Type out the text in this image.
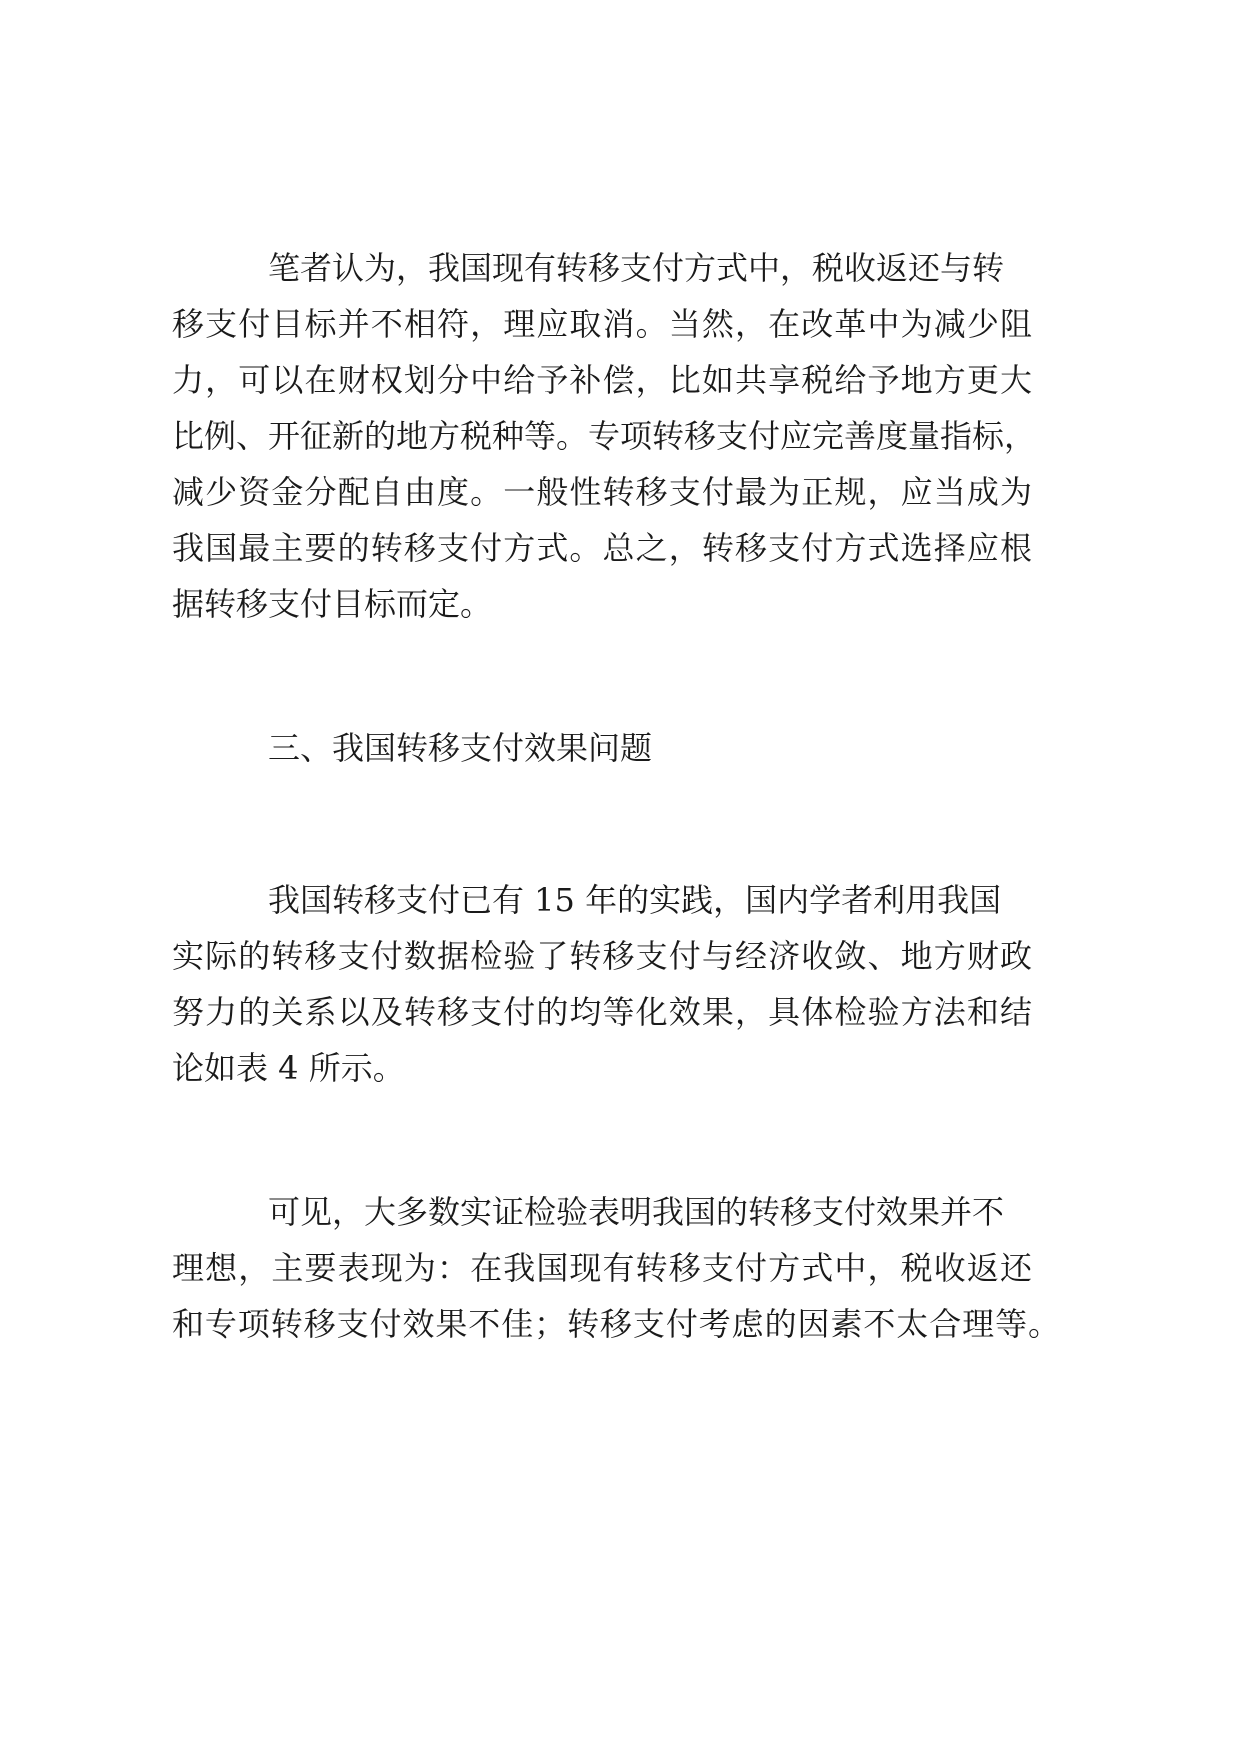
笔者认为，我国现有转移支付方式中，税收返还与转

移支付目标并不相符，理应取消。当然，在改革中为减少阻

力，可以在财权划分中给予补偿，比如共享税给予地方更大

比例、开征新的地方税种等。专项转移支付应完善度量指标，

减少资金分配自由度。一般性转移支付最为正规，应当成为

我国最主要的转移支付方式。总之，转移支付方式选择应根

据转移支付目标而定。

三、我国转移支付效果问题

我国转移支付已有 15 年的实践，国内学者利用我国

实际的转移支付数据检验了转移支付与经济收敛、地方财政

努力的关系以及转移支付的均等化效果，具体检验方法和结

论如表 4 所示。

可见，大多数实证检验表明我国的转移支付效果并不

理想，主要表现为：在我国现有转移支付方式中，税收返还

和专项转移支付效果不佳；转移支付考虑的因素不太合理等。
